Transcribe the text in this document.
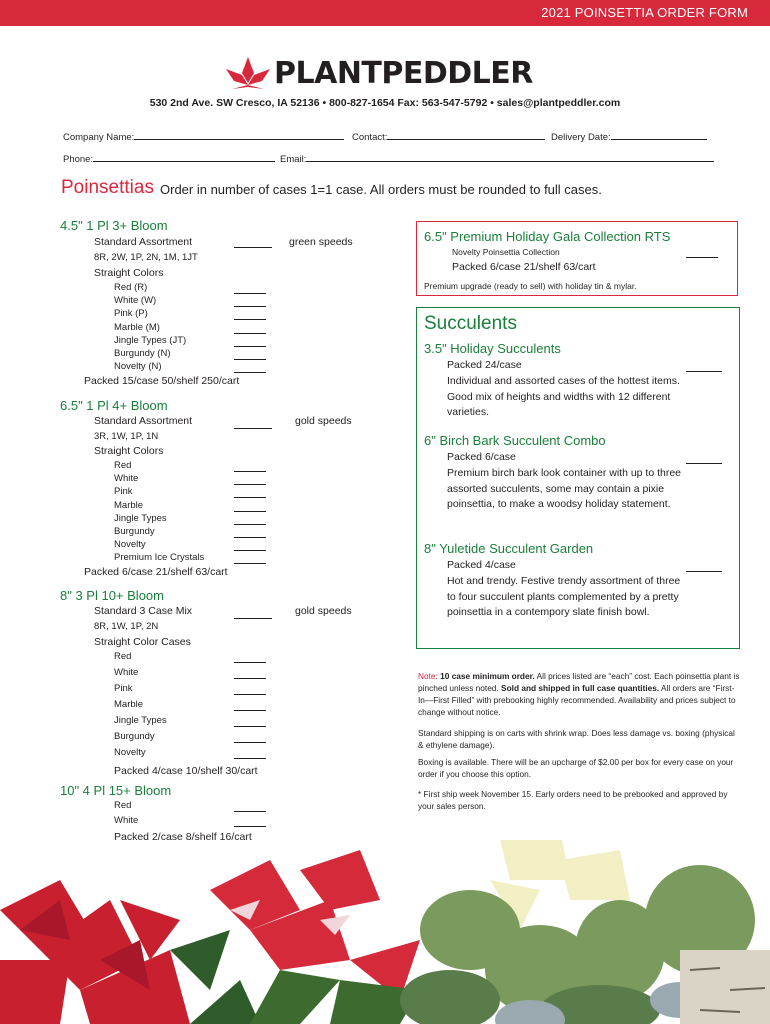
2021 POINSETTIA ORDER FORM
PLANTPEDDLER
530 2nd Ave. SW Cresco, IA 52136 • 800-827-1654 Fax: 563-547-5792 • sales@plantpeddler.com
Company Name:	Contact:	Delivery Date:
Phone:	Email:
Poinsettias Order in number of cases 1=1 case. All orders must be rounded to full cases.
4.5" 1 Pl 3+ Bloom
Standard Assortment	green speeds
8R, 2W, 1P, 2N, 1M, 1JT
Straight Colors
Red (R)
White (W)
Pink (P)
Marble (M)
Jingle Types (JT)
Burgundy (N)
Novelty (N)
Packed 15/case 50/shelf 250/cart
6.5" 1 Pl 4+ Bloom
Standard Assortment	gold speeds
3R, 1W, 1P, 1N
Straight Colors
Red
White
Pink
Marble
Jingle Types
Burgundy
Novelty
Premium Ice Crystals
Packed 6/case 21/shelf 63/cart
8" 3 Pl 10+ Bloom
Standard 3 Case Mix	gold speeds
8R, 1W, 1P, 2N
Straight Color Cases
Red
White
Pink
Marble
Jingle Types
Burgundy
Novelty
Packed 4/case 10/shelf 30/cart
10" 4 Pl 15+ Bloom
Red
White
Packed 2/case 8/shelf 16/cart
6.5" Premium Holiday Gala Collection RTS
Novelty Poinsettia Collection
Packed 6/case 21/shelf 63/cart
Premium upgrade (ready to sell) with holiday tin & mylar.
Succulents
3.5" Holiday Succulents
Packed 24/case
Individual and assorted cases of the hottest items. Good mix of heights and widths with 12 different varieties.
6" Birch Bark Succulent Combo
Packed 6/case
Premium birch bark look container with up to three assorted succulents, some may contain a pixie poinsettia, to make a woodsy holiday statement.
8" Yuletide Succulent Garden
Packed 4/case
Hot and trendy. Festive trendy assortment of three to four succulent plants complemented by a pretty poinsettia in a contempory slate finish bowl.
Note: 10 case minimum order. All prices listed are “each” cost. Each poinsettia plant is pinched unless noted. Sold and shipped in full case quantities. All orders are “First-In—First Filled” with prebooking highly recommended. Availability and prices subject to change without notice.
Standard shipping is on carts with shrink wrap. Does less damage vs. boxing (physical & ethylene damage).
Boxing is available. There will be an upcharge of $2.00 per box for every case on your order if you choose this option.
* First ship week November 15. Early orders need to be prebooked and approved by your sales person.
